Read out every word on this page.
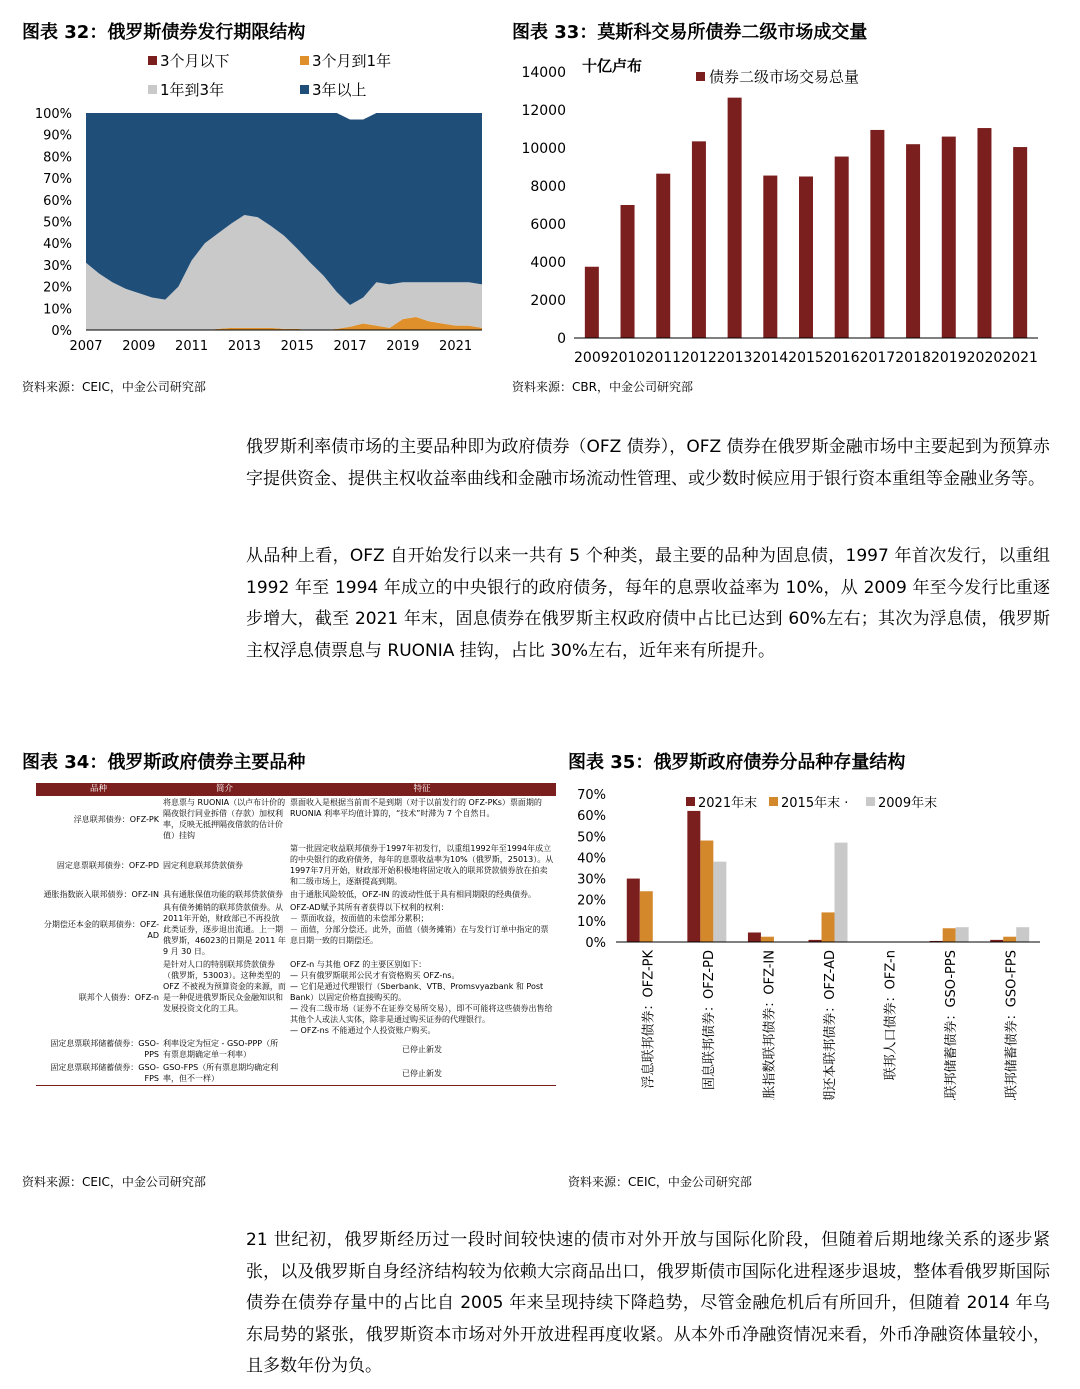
图表 32：俄罗斯债券发行期限结构
3个月以下	3个月到1年
1年到3年	3年以上
0%
10%
20%
30%
40%
50%
60%
70%
80%
90%
100%
2007 2009 2011 2013 2015 2017 2019 2021
资料来源：CEIC，中金公司研究部
图表 33：莫斯科交易所债券二级市场成交量
十亿卢布
债券二级市场交易总量
0
2000
4000
6000
8000
10000
12000
14000
2009 2010 2011 2012 2013 2014 2015 2016 2017 2018 2019 2020 2021
资料来源：CBR，中金公司研究部
俄罗斯利率债市场的主要品种即为政府债券（OFZ 债券），OFZ 债券在俄罗斯金融市场中主要起到为预算赤字提供资金、提供主权收益率曲线和金融市场流动性管理、或少数时候应用于银行资本重组等金融业务等。
从品种上看，OFZ 自开始发行以来一共有 5 个种类，最主要的品种为固息债，1997 年首次发行，以重组 1992 年至 1994 年成立的中央银行的政府债务，每年的息票收益率为 10%，从 2009 年至今发行比重逐步增大，截至 2021 年末，固息债券在俄罗斯主权政府债中占比已达到 60%左右；其次为浮息债，俄罗斯主权浮息债票息与 RUONIA 挂钩，占比 30%左右，近年来有所提升。
图表 34：俄罗斯政府债券主要品种
品种	简介	特征
浮息联邦债券：OFZ-PK	将息票与 RUONIA（以卢布计价的隔夜银行同业拆借（存款）加权利率，反映无抵押隔夜借款的估计价值）挂钩	票面收入是根据当前而不是到期（对于以前发行的 OFZ-PKs）票面期的 RUONIA 利率平均值计算的，“技术”时滞为 7 个自然日。
固定息票联邦债券：OFZ-PD	固定利息联邦贷款债券	第一批固定收益联邦债券于1997年初发行，以重组1992年至1994年成立的中央银行的政府债务，每年的息票收益率为10%（俄罗斯，25013）。从1997年7月开始，财政部开始积极地将固定收入的联邦贷款债券放在拍卖和二级市场上，逐渐提高到期。
通胀指数嵌入联邦债券：OFZ-IN	具有通胀保值功能的联邦贷款债券	由于通胀风险较低，OFZ-IN 的波动性低于具有相同期限的经典债券。
分期偿还本金的联邦债券：OFZ-AD	具有债务摊销的联邦贷款债券。从2011年开始，财政部已不再投放此类证券，逐步退出流通。上一期俄罗斯，46023的日期是 2011 年 9 月 30 日。	OFZ-AD赋予其所有者获得以下权利的权利：
－ 票面收益，按面值的未偿部分累积；
－ 面值，分部分偿还。此外，面值（债务摊销）在与发行订单中指定的票息日期一致的日期偿还。
联邦个人债券：OFZ-n	是针对人口的特别联邦贷款债券（俄罗斯，53003）。这种类型的 OFZ 不被视为预算资金的来源，而是一种促进俄罗斯民众金融知识和发展投资文化的工具。	OFZ-n 与其他 OFZ 的主要区别如下：
— 只有俄罗斯联邦公民才有资格购买 OFZ-ns。
— 它们是通过代理银行（Sberbank、VTB、Promsvyazbank 和 Post Bank）以固定价格直接购买的。
— 没有二级市场（证券不在证券交易所交易），即不可能将这些债券出售给其他个人或法人实体，除非是通过购买证券的代理银行。
— OFZ-ns 不能通过个人投资账户购买。
固定息票联邦储蓄债券：GSO-PPS	利率设定为恒定 - GSO-PPP（所有票息期确定单一利率）	已停止新发
固定息票联邦储蓄债券：GSO-FPS	GSO-FPS（所有票息期均确定利率，但不一样）	已停止新发
资料来源：CEIC，中金公司研究部
图表 35：俄罗斯政府债券分品种存量结构
0%
10%
20%
30%
40%
50%
60%
70%
2021年末 2015年末 · 2009年末
浮息联邦债券：OFZ-PK	固息联邦债券：OFZ-PD	通胀指数联邦债券：OFZ-IN	分期还本联邦债券：OFZ-AD	联邦人口债券：OFZ-n	固息联邦储蓄债券：GSO-PPS	固息联邦储蓄债券：GSO-FPS
资料来源：CEIC，中金公司研究部
21 世纪初，俄罗斯经历过一段时间较快速的债市对外开放与国际化阶段，但随着后期地缘关系的逐步紧张，以及俄罗斯自身经济结构较为依赖大宗商品出口，俄罗斯债市国际化进程逐步退坡，整体看俄罗斯国际债券在债券存量中的占比自 2005 年来呈现持续下降趋势，尽管金融危机后有所回升，但随着 2014 年乌东局势的紧张，俄罗斯资本市场对外开放进程再度收紧。从本外币净融资情况来看，外币净融资体量较小，且多数年份为负。
